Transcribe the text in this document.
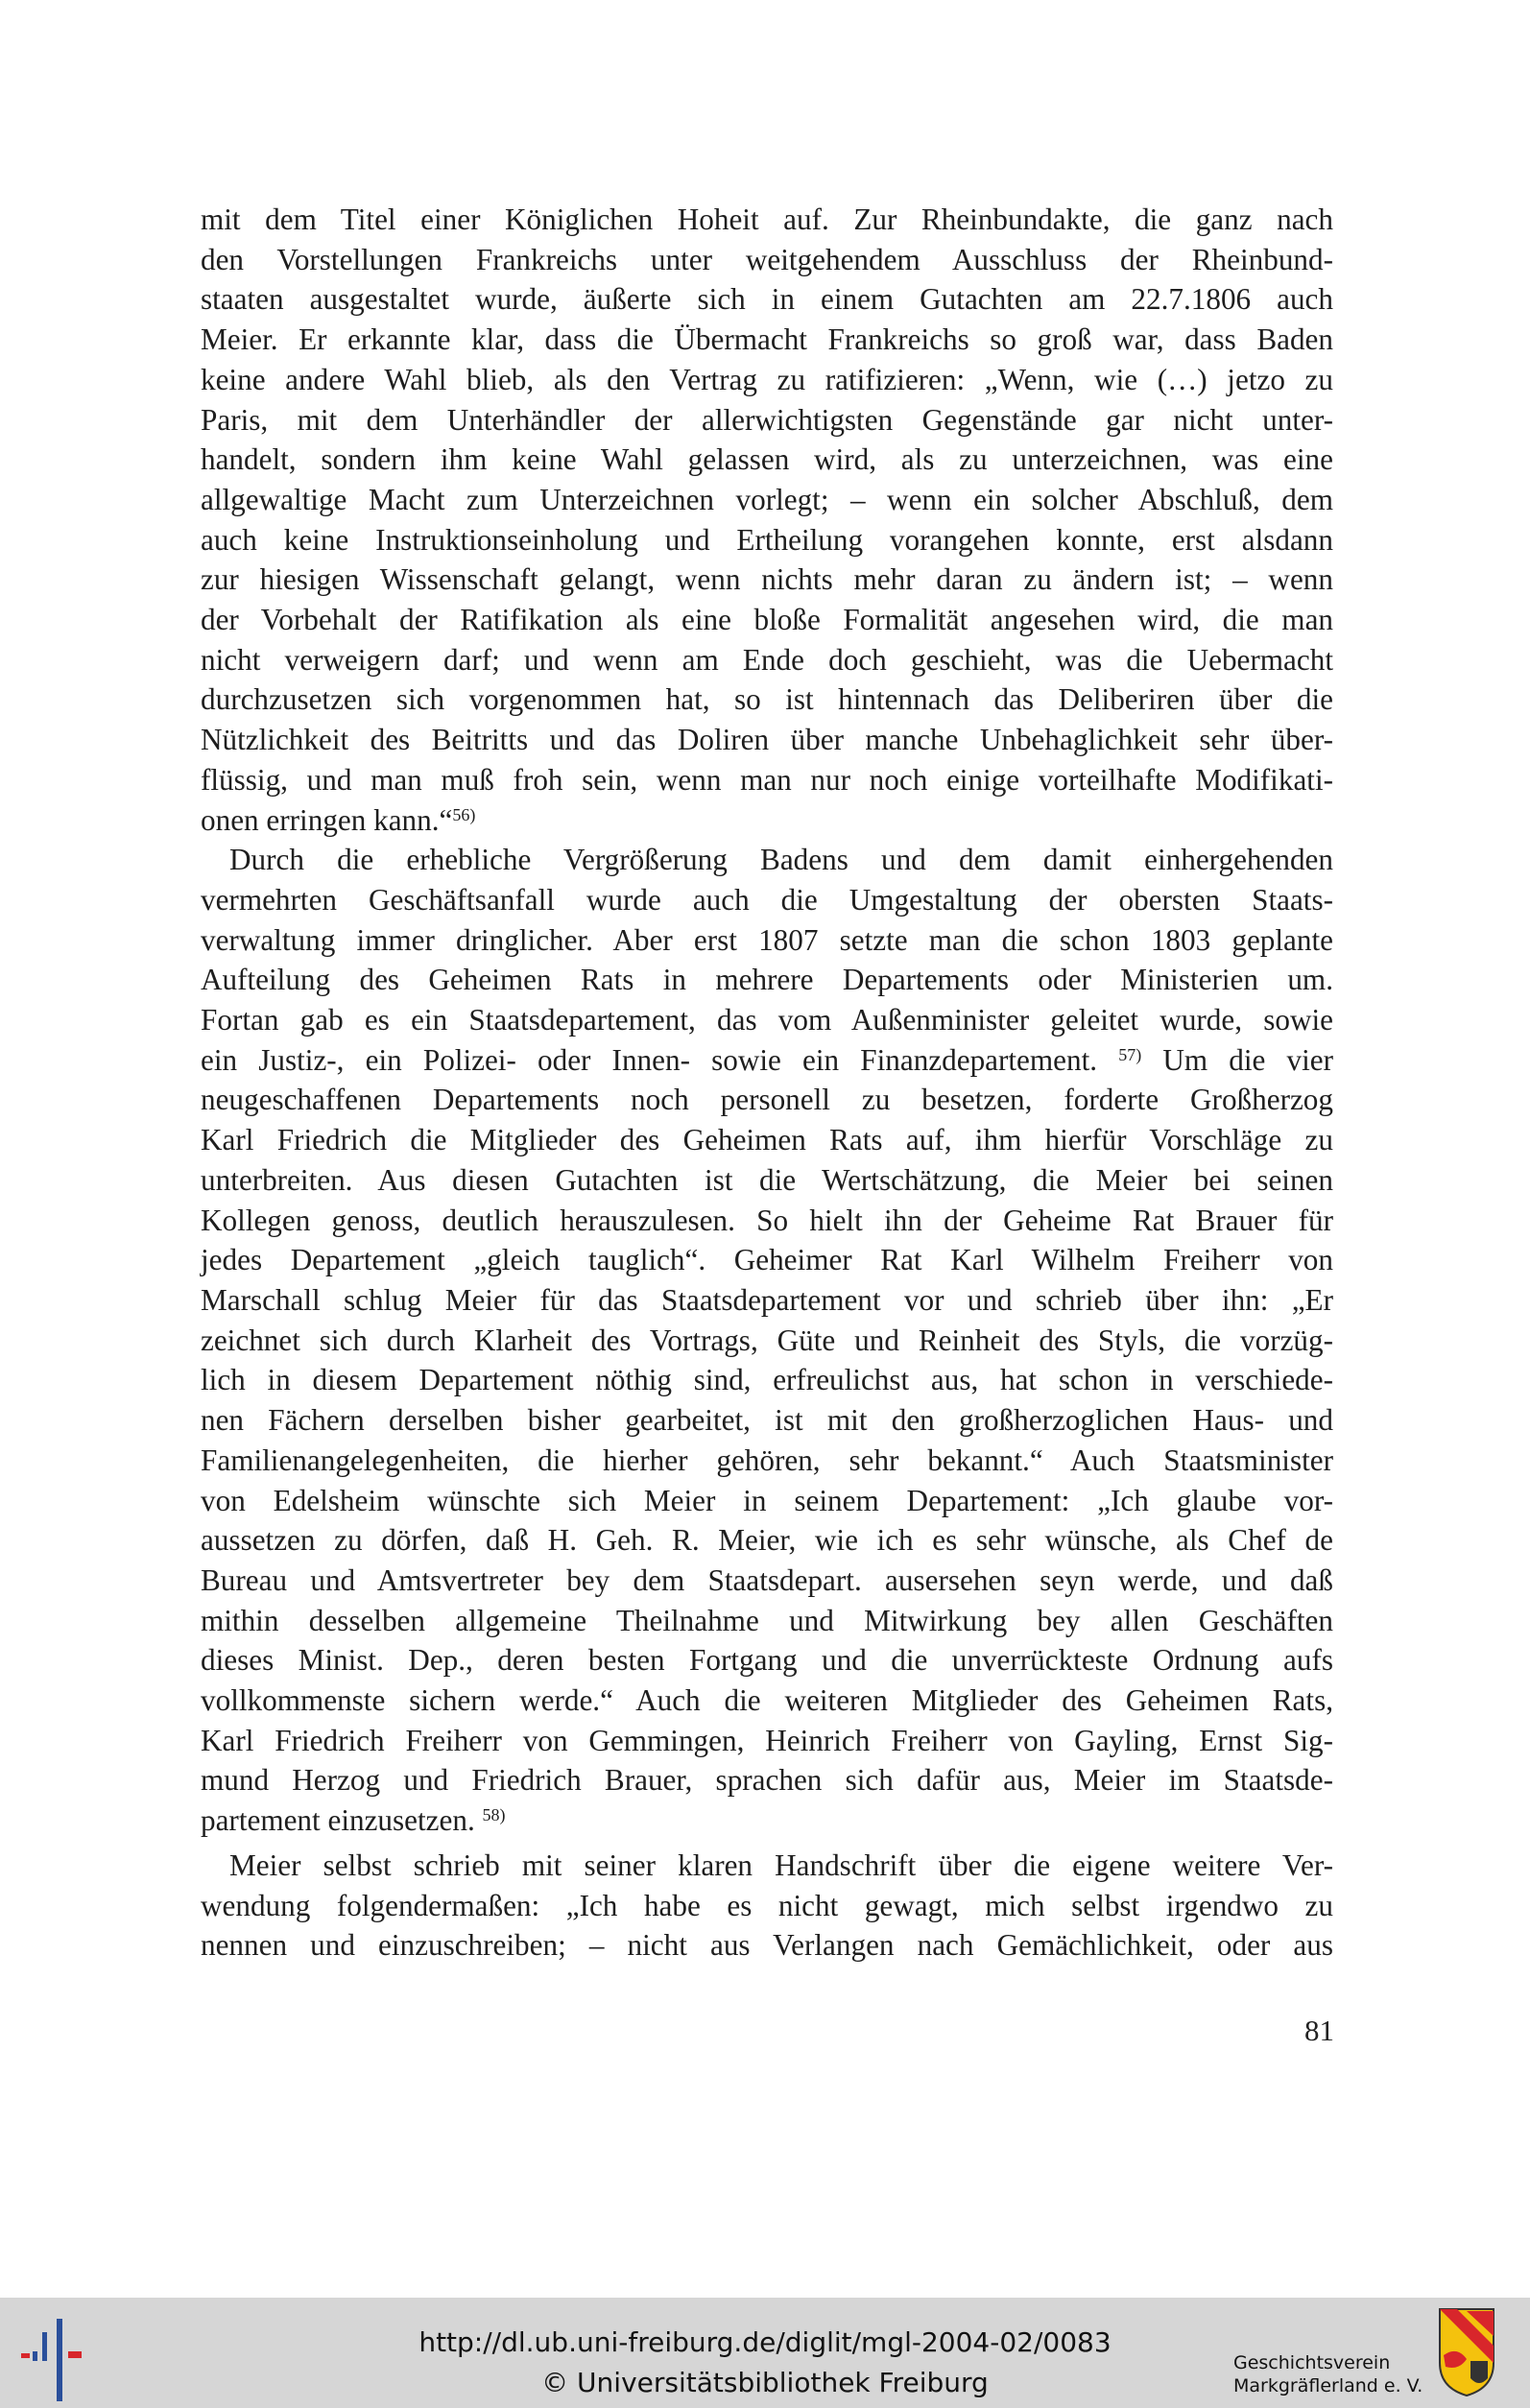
mit dem Titel einer Königlichen Hoheit auf. Zur Rheinbundakte, die ganz nach
den Vorstellungen Frankreichs unter weitgehendem Ausschluss der Rheinbund-
staaten ausgestaltet wurde, äußerte sich in einem Gutachten am 22.7.1806 auch
Meier. Er erkannte klar, dass die Übermacht Frankreichs so groß war, dass Baden
keine andere Wahl blieb, als den Vertrag zu ratifizieren: „Wenn, wie (…) jetzo zu
Paris, mit dem Unterhändler der allerwichtigsten Gegenstände gar nicht unter-
handelt, sondern ihm keine Wahl gelassen wird, als zu unterzeichnen, was eine
allgewaltige Macht zum Unterzeichnen vorlegt; – wenn ein solcher Abschluß, dem
auch keine Instruktionseinholung und Ertheilung vorangehen konnte, erst alsdann
zur hiesigen Wissenschaft gelangt, wenn nichts mehr daran zu ändern ist; – wenn
der Vorbehalt der Ratifikation als eine bloße Formalität angesehen wird, die man
nicht verweigern darf; und wenn am Ende doch geschieht, was die Uebermacht
durchzusetzen sich vorgenommen hat, so ist hintennach das Deliberiren über die
Nützlichkeit des Beitritts und das Doliren über manche Unbehaglichkeit sehr über-
flüssig, und man muß froh sein, wenn man nur noch einige vorteilhafte Modifikati-
onen erringen kann.“$^{56)}$
Durch die erhebliche Vergrößerung Badens und dem damit einhergehenden
vermehrten Geschäftsanfall wurde auch die Umgestaltung der obersten Staats-
verwaltung immer dringlicher. Aber erst 1807 setzte man die schon 1803 geplante
Aufteilung des Geheimen Rats in mehrere Departements oder Ministerien um.
Fortan gab es ein Staatsdepartement, das vom Außenminister geleitet wurde, sowie
ein Justiz-, ein Polizei- oder Innen- sowie ein Finanzdepartement. $^{57)}$ Um die vier
neugeschaffenen Departements noch personell zu besetzen, forderte Großherzog
Karl Friedrich die Mitglieder des Geheimen Rats auf, ihm hierfür Vorschläge zu
unterbreiten. Aus diesen Gutachten ist die Wertschätzung, die Meier bei seinen
Kollegen genoss, deutlich herauszulesen. So hielt ihn der Geheime Rat Brauer für
jedes Departement „gleich tauglich“. Geheimer Rat Karl Wilhelm Freiherr von
Marschall schlug Meier für das Staatsdepartement vor und schrieb über ihn: „Er
zeichnet sich durch Klarheit des Vortrags, Güte und Reinheit des Styls, die vorzüg-
lich in diesem Departement nöthig sind, erfreulichst aus, hat schon in verschiede-
nen Fächern derselben bisher gearbeitet, ist mit den großherzoglichen Haus- und
Familienangelegenheiten, die hierher gehören, sehr bekannt.“ Auch Staatsminister
von Edelsheim wünschte sich Meier in seinem Departement: „Ich glaube vor-
aussetzen zu dörfen, daß H. Geh. R. Meier, wie ich es sehr wünsche, als Chef de
Bureau und Amtsvertreter bey dem Staatsdepart. ausersehen seyn werde, und daß
mithin desselben allgemeine Theilnahme und Mitwirkung bey allen Geschäften
dieses Minist. Dep., deren besten Fortgang und die unverrückteste Ordnung aufs
vollkommenste sichern werde.“ Auch die weiteren Mitglieder des Geheimen Rats,
Karl Friedrich Freiherr von Gemmingen, Heinrich Freiherr von Gayling, Ernst Sig-
mund Herzog und Friedrich Brauer, sprachen sich dafür aus, Meier im Staatsde-
partement einzusetzen. $^{58)}$
Meier selbst schrieb mit seiner klaren Handschrift über die eigene weitere Ver-
wendung folgendermaßen: „Ich habe es nicht gewagt, mich selbst irgendwo zu
nennen und einzuschreiben; – nicht aus Verlangen nach Gemächlichkeit, oder aus
81
http://dl.ub.uni-freiburg.de/diglit/mgl-2004-02/0083
© Universitätsbibliothek Freiburg
Geschichtsverein
Markgräflerland e. V.
